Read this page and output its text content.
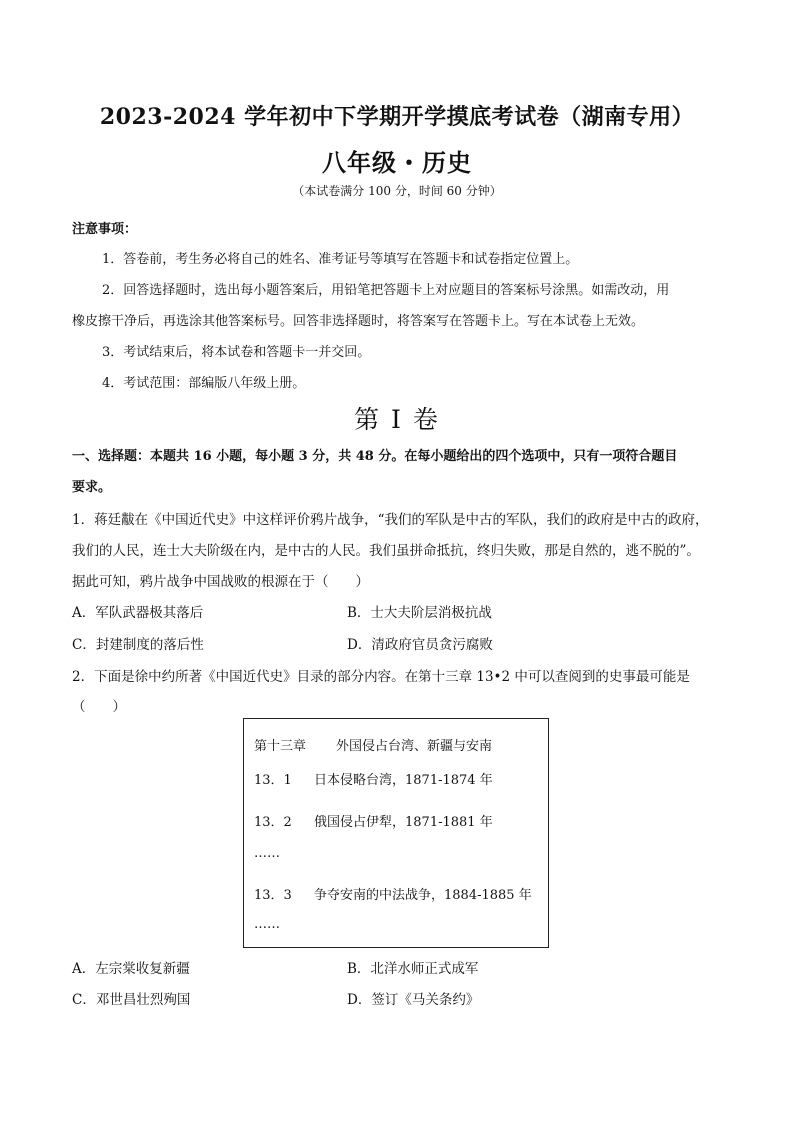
2023-2024 学年初中下学期开学摸底考试卷（湖南专用）
八年级・历史
（本试卷满分 100 分，时间 60 分钟）
注意事项：
1．答卷前，考生务必将自己的姓名、准考证号等填写在答题卡和试卷指定位置上。
2．回答选择题时，选出每小题答案后，用铅笔把答题卡上对应题目的答案标号涂黑。如需改动，用
橡皮擦干净后，再选涂其他答案标号。回答非选择题时，将答案写在答题卡上。写在本试卷上无效。
3．考试结束后，将本试卷和答题卡一并交回。
4．考试范围：部编版八年级上册。
第 I 卷
一、选择题：本题共 16 小题，每小题 3 分，共 48 分。在每小题给出的四个选项中，只有一项符合题目
要求。
1．蒋廷黻在《中国近代史》中这样评价鸦片战争，“我们的军队是中古的军队，我们的政府是中古的政府，
我们的人民，连士大夫阶级在内，是中古的人民。我们虽拼命抵抗，终归失败，那是自然的，逃不脱的”。
据此可知，鸦片战争中国战败的根源在于（　　）
A．军队武器极其落后	B．士大夫阶层消极抗战
C．封建制度的落后性	D．清政府官员贪污腐败
2．下面是徐中约所著《中国近代史》目录的部分内容。在第十三章 13•2 中可以查阅到的史事最可能是
（　　）
第十三章 外国侵占台湾、新疆与安南
13．1 日本侵略台湾，1871-1874 年
13．2 俄国侵占伊犁，1871-1881 年
……
13．3 争夺安南的中法战争，1884-1885 年
……
A．左宗棠收复新疆	B．北洋水师正式成军
C．邓世昌壮烈殉国	D．签订《马关条约》
